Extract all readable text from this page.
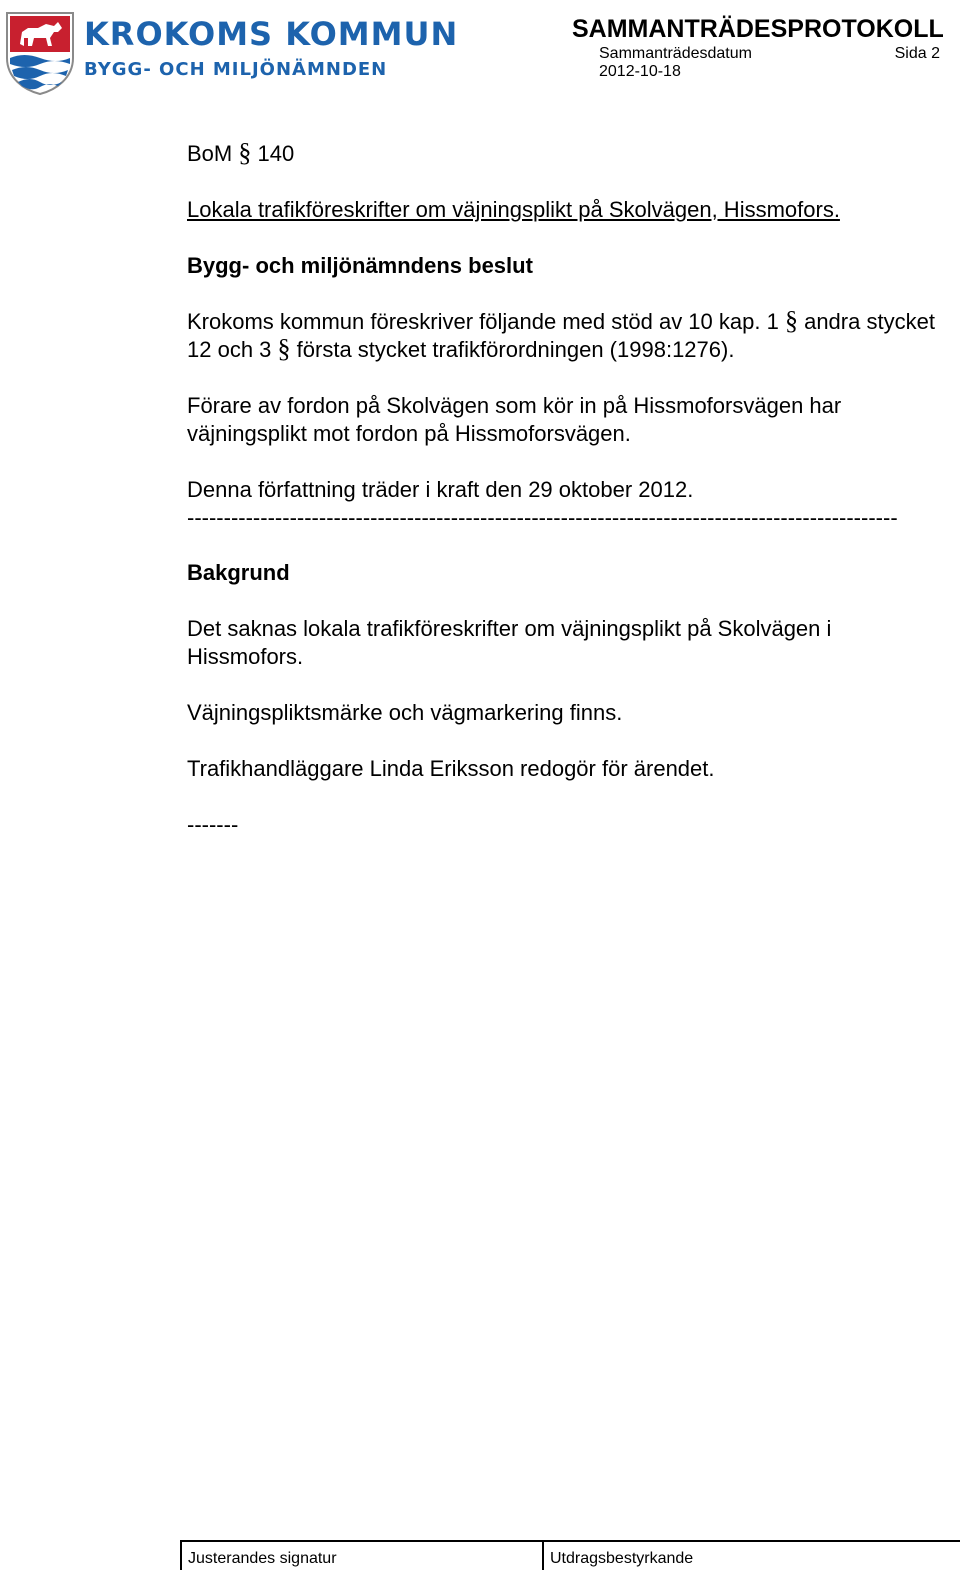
KROKOMS KOMMUN
BYGG- OCH MILJÖNÄMNDEN
SAMMANTRÄDESPROTOKOLL
Sammanträdesdatum	Sida 2
2012-10-18

BoM § 140

Lokala trafikföreskrifter om väjningsplikt på Skolvägen, Hissmofors.

Bygg- och miljönämndens beslut

Krokoms kommun föreskriver följande med stöd av 10 kap. 1 § andra stycket 12 och 3 § första stycket trafikförordningen (1998:1276).

Förare av fordon på Skolvägen som kör in på Hissmoforsvägen har väjningsplikt mot fordon på Hissmoforsvägen.

Denna författning träder i kraft den 29 oktober 2012.

-------------------------------------------------------------------------------------------------

Bakgrund

Det saknas lokala trafikföreskrifter om väjningsplikt på Skolvägen i Hissmofors.

Väjningspliktsmärke och vägmarkering finns.

Trafikhandläggare Linda Eriksson redogör för ärendet.

-------

Justerandes signatur	Utdragsbestyrkande
